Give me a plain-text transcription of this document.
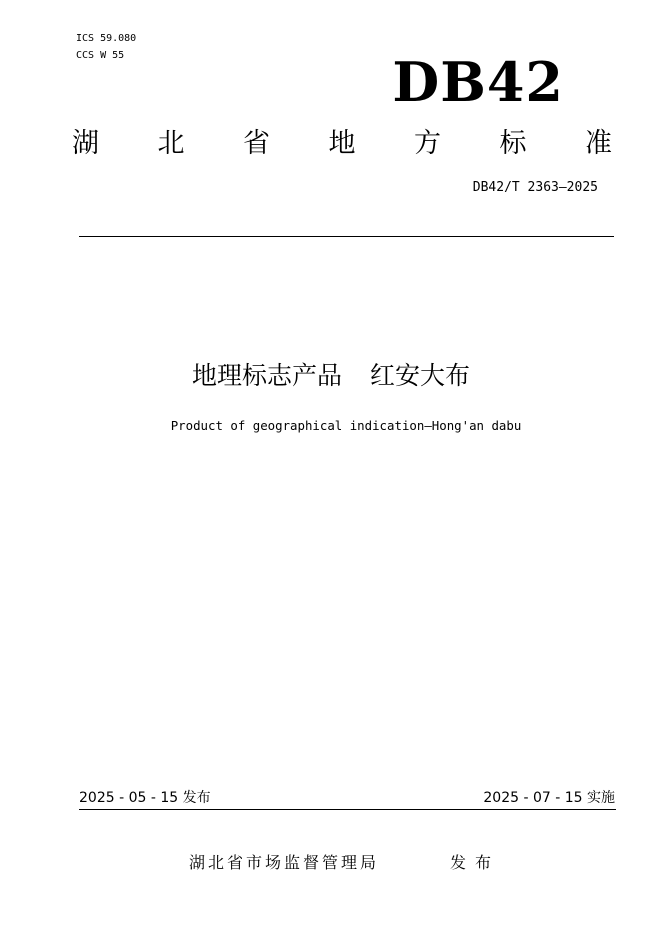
ICS 59.080
CCS W 55	DB42
湖 北 省 地 方 标 准
DB42/T 2363—2025
地理标志产品 红安大布
Product of geographical indication—Hong'an dabu
2025 - 05 - 15 发布	2025 - 07 - 15 实施
湖北省市场监督管理局	发布
